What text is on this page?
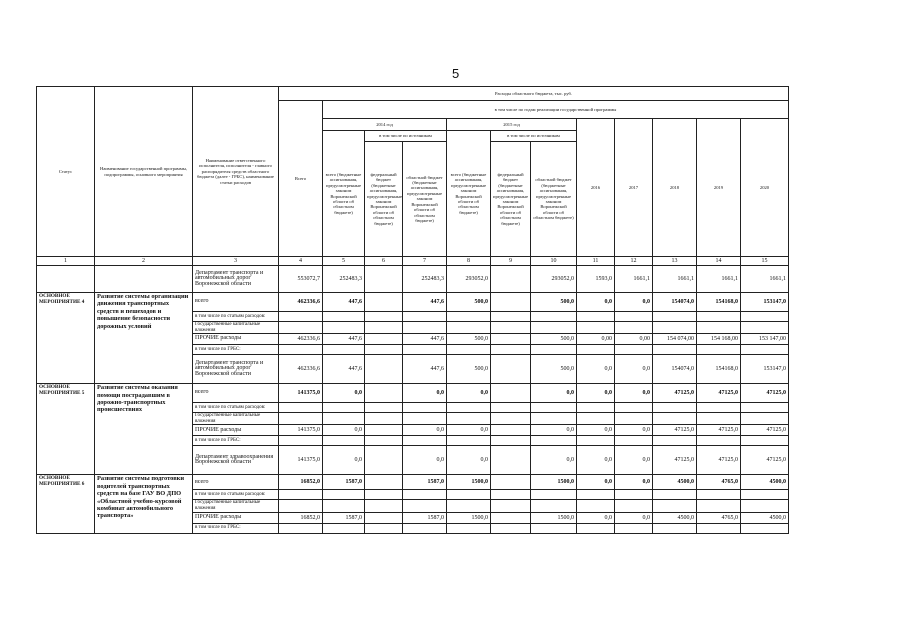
5
Статус	Наименование государственной программы, подпрограммы, основного мероприятия	Наименование ответственного исполнителя, исполнителя - главного распорядителя средств областного бюджета (далее - ГРБС), наименование статьи расходов	Расходы областного бюджета, тыс. руб.											
			Всего	в том числе по годам реализации государственной программы										
				2014 год			2015 год			2016	2017	2018	2019	2020
				всего (бюджетные ассигнования, предусмотренные законом Воронежской области об областном бюджете)	в том числе по источникам		всего (бюджетные ассигнования, предусмотренные законом Воронежской области об областном бюджете)	в том числе по источникам						
					федеральный бюджет (бюджетные ассигнования, предусмотренные законом Воронежской области об областном бюджете)	областной бюджет (бюджетные ассигнования, предусмотренные законом Воронежской области об областном бюджете)		федеральный бюджет (бюджетные ассигнования, предусмотренные законом Воронежской области об областном бюджете)	областной бюджет (бюджетные ассигнования, предусмотренные законом Воронежской области об областном бюджете)					
1	2	3	4	5	6	7	8	9	10	11	12	13	14	15
		Департамент транспорта и автомобильных дорог Воронежской области	553072,7	252483,3		252483,3	293052,0		293052,0	1593,0	1661,1	1661,1	1661,1	1661,1
ОСНОВНОЕ МЕРОПРИЯТИЕ 4	Развитие системы организации движения транспортных средств и пешеходов и повышение безопасности дорожных условий	всего	462336,6	447,6		447,6	500,0		500,0	0,0	0,0	154074,0	154168,0	153147,0
		в том числе по статьям расходов:												
		Государственные капитальные вложения												
		ПРОЧИЕ расходы	462336,6	447,6		447,6	500,0		500,0	0,00	0,00	154 074,00	154 168,00	153 147,00
		в том числе по ГРБС:												
		Департамент транспорта и автомобильных дорог Воронежской области	462336,6	447,6		447,6	500,0		500,0	0,0	0,0	154074,0	154168,0	153147,0
ОСНОВНОЕ МЕРОПРИЯТИЕ 5	Развитие системы оказания помощи пострадавшим в дорожно-транспортных происшествиях	всего	141375,0	0,0		0,0	0,0		0,0	0,0	0,0	47125,0	47125,0	47125,0
		в том числе по статьям расходов:												
		Государственные капитальные вложения												
		ПРОЧИЕ расходы	141375,0	0,0		0,0	0,0		0,0	0,0	0,0	47125,0	47125,0	47125,0
		в том числе по ГРБС:												
		Департамент здравоохранения Воронежской области	141375,0	0,0		0,0	0,0		0,0	0,0	0,0	47125,0	47125,0	47125,0
ОСНОВНОЕ МЕРОПРИЯТИЕ 6	Развитие системы подготовки водителей транспортных средств на базе ГАУ ВО ДПО «Областной учебно-курсовой комбинат автомобильного транспорта»	всего	16852,0	1587,0		1587,0	1500,0		1500,0	0,0	0,0	4500,0	4765,0	4500,0
		в том числе по статьям расходов:												
		Государственные капитальные вложения												
		ПРОЧИЕ расходы	16852,0	1587,0		1587,0	1500,0		1500,0	0,0	0,0	4500,0	4765,0	4500,0
		в том числе по ГРБС:												
